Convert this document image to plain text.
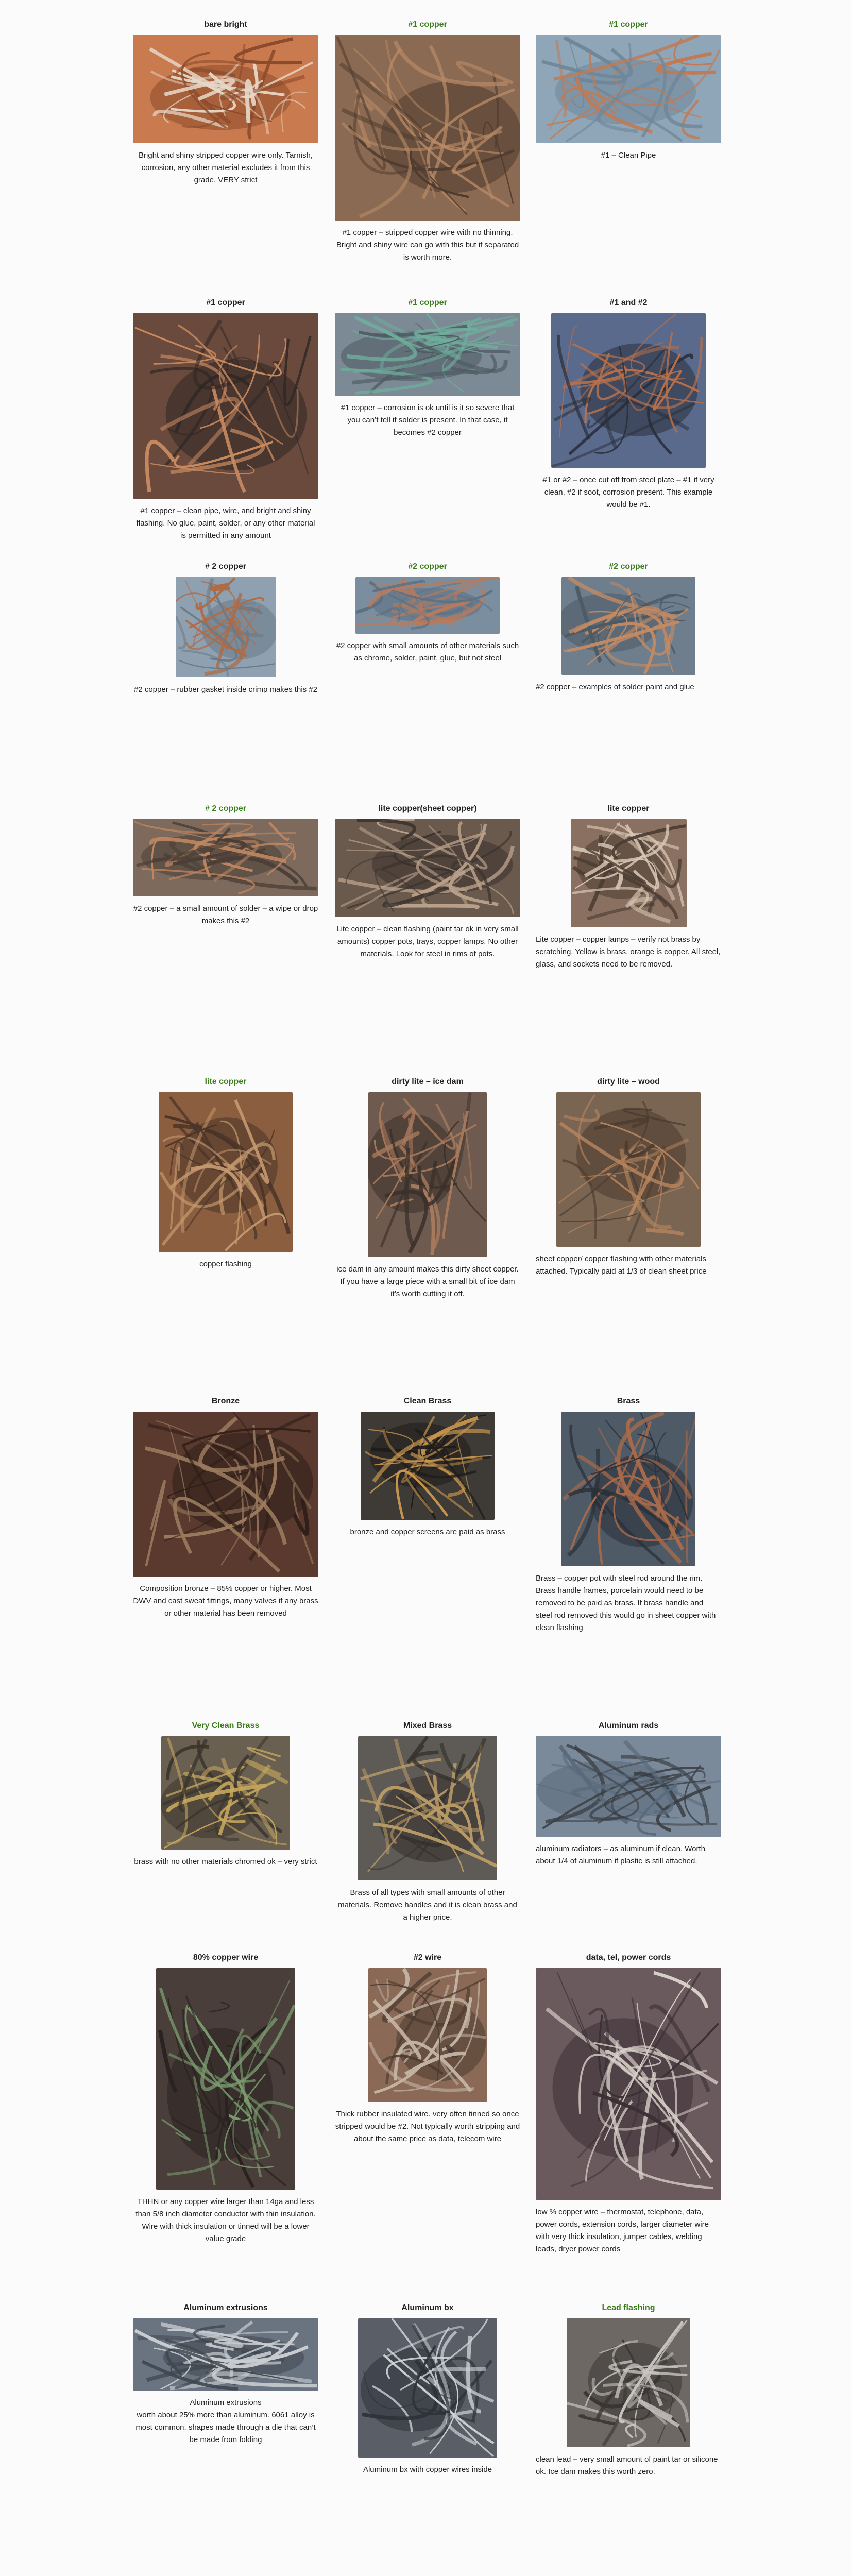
bare bright
Bright and shiny stripped copper wire only. Tarnish, corrosion, any other material excludes it from this grade. VERY strict
#1 copper
#1 copper – stripped copper wire with no thinning. Bright and shiny wire can go with this but if separated is worth more.
#1 copper
#1 – Clean Pipe
#1 copper
#1 copper – clean pipe, wire, and bright and shiny flashing. No glue, paint, solder, or any other material is permitted in any amount
#1 copper
#1 copper – corrosion is ok until is it so severe that you can’t tell if solder is present. In that case, it becomes #2 copper
#1 and #2
#1 or #2 – once cut off from steel plate – #1 if very clean, #2 if soot, corrosion present. This example would be #1.
# 2 copper
#2 copper – rubber gasket inside crimp makes this #2
#2 copper
#2 copper with small amounts of other materials such as chrome, solder, paint, glue, but not steel
#2 copper
#2 copper – examples of solder paint and glue
# 2 copper
#2 copper – a small amount of solder – a wipe or drop makes this #2
lite copper(sheet copper)
Lite copper – clean flashing (paint tar ok in very small amounts) copper pots, trays, copper lamps. No other materials. Look for steel in rims of pots.
lite copper
Lite copper – copper lamps – verify not brass by scratching. Yellow is brass, orange is copper. All steel, glass, and sockets need to be removed.
lite copper
copper flashing
dirty lite – ice dam
ice dam in any amount makes this dirty sheet copper. If you have a large piece with a small bit of ice dam it’s worth cutting it off.
dirty lite – wood
sheet copper/ copper flashing with other materials attached. Typically paid at 1/3 of clean sheet price
Bronze
Composition bronze – 85% copper or higher. Most DWV and cast sweat fittings, many valves if any brass or other material has been removed
Clean Brass
bronze and copper screens are paid as brass
Brass
Brass – copper pot with steel rod around the rim. Brass handle frames, porcelain would need to be removed to be paid as brass. If brass handle and steel rod removed this would go in sheet copper with clean flashing
Very Clean Brass
brass with no other materials chromed ok – very strict
Mixed Brass
Brass of all types with small amounts of other materials. Remove handles and it is clean brass and a higher price.
Aluminum rads
aluminum radiators – as aluminum if clean. Worth about 1/4 of aluminum if plastic is still attached.
80% copper wire
THHN or any copper wire larger than 14ga and less than 5/8 inch diameter conductor with thin insulation. Wire with thick insulation or tinned will be a lower value grade
#2 wire
Thick rubber insulated wire. very often tinned so once stripped would be #2. Not typically worth stripping and about the same price as data, telecom wire
data, tel, power cords
low % copper wire – thermostat, telephone, data, power cords, extension cords, larger diameter wire with very thick insulation, jumper cables, welding leads, dryer power cords
Aluminum extrusions
Aluminum extrusions
worth about 25% more than aluminum. 6061 alloy is most common. shapes made through a die that can’t be made from folding
Aluminum bx
Aluminum bx with copper wires inside
Lead flashing
clean lead – very small amount of paint tar or silicone ok. Ice dam makes this worth zero.
